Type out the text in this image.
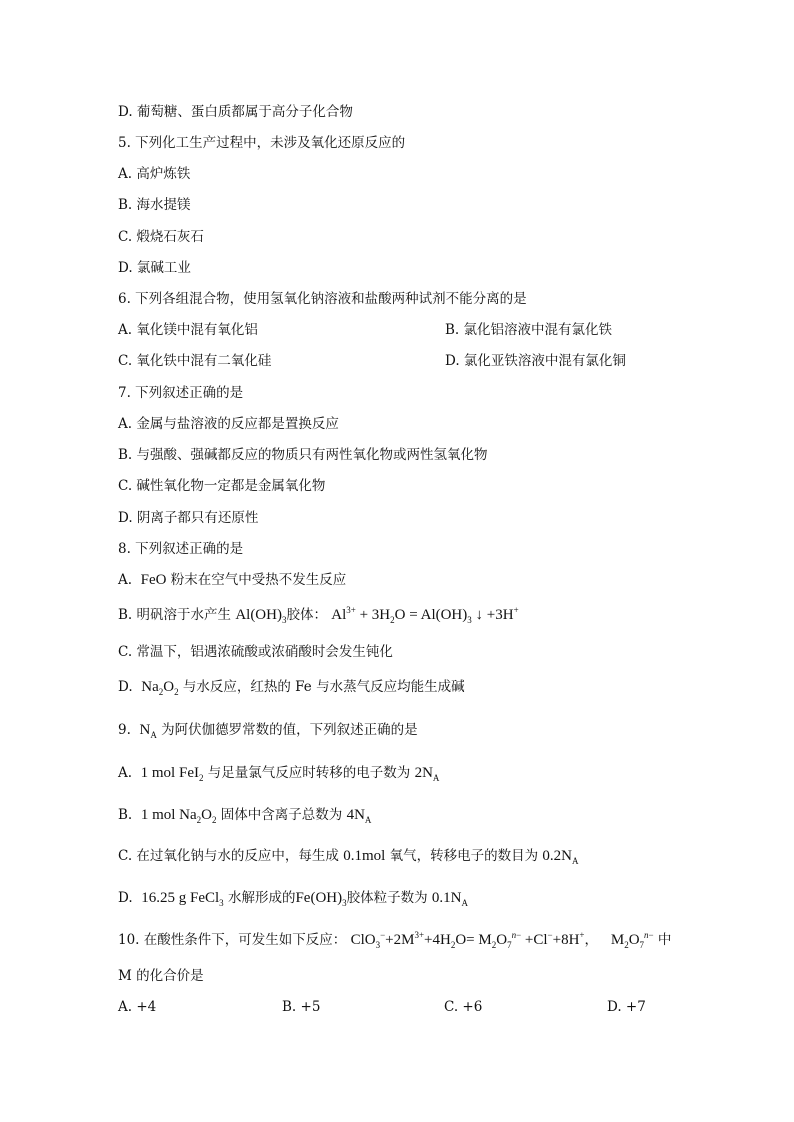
D. 葡萄糖、蛋白质都属于高分子化合物
5. 下列化工生产过程中，未涉及氧化还原反应的
A. 高炉炼铁
B. 海水提镁
C. 煅烧石灰石
D. 氯碱工业
6. 下列各组混合物，使用氢氧化钠溶液和盐酸两种试剂不能分离的是
A. 氧化镁中混有氧化铝	B. 氯化铝溶液中混有氯化铁
C. 氧化铁中混有二氧化硅	D. 氯化亚铁溶液中混有氯化铜
7. 下列叙述正确的是
A. 金属与盐溶液的反应都是置换反应
B. 与强酸、强碱都反应的物质只有两性氧化物或两性氢氧化物
C. 碱性氧化物一定都是金属氧化物
D. 阴离子都只有还原性
8. 下列叙述正确的是
A. FeO 粉末在空气中受热不发生反应
B. 明矾溶于水产生 $Al(OH)_3$胶体： $Al^{3+} + 3H_2O = Al(OH)_3$ ↓ +3H+
C. 常温下，铝遇浓硫酸或浓硝酸时会发生钝化
D. $Na_2O_2$ 与水反应，红热的 Fe 与水蒸气反应均能生成碱
9. $N_A$ 为阿伏伽德罗常数的值，下列叙述正确的是
A. 1 mol FeI$_2$ 与足量氯气反应时转移的电子数为 $2N_A$
B. 1 mol $Na_2O_2$ 固体中含离子总数为 $4N_A$
C. 在过氧化钠与水的反应中，每生成 0.1mol 氧气，转移电子的数目为 $0.2N_A$
D. 16.25 g FeCl$_3$ 水解形成的$Fe(OH)_3$胶体粒子数为 $0.1N_A$
10. 在酸性条件下，可发生如下反应： $ClO_3^-+2M^{3+}+4H_2O= M_2O_7^{n-} +Cl^-+8H^+$，   $M_2O_7^{n-}$ 中
M 的化合价是
A. +4	B. +5	C. +6	D. +7
